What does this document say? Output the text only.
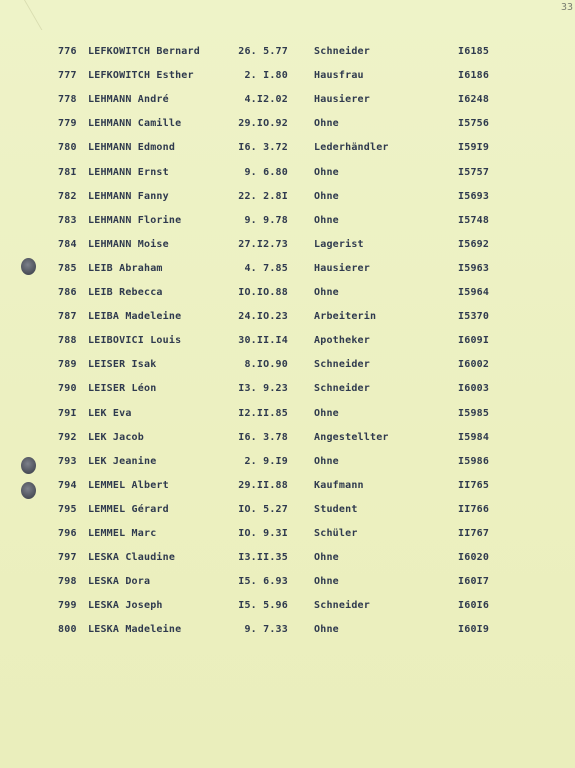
33
776 LEFKOWITCH Bernard	26. 5.77	Schneider	I6185
777 LEFKOWITCH Esther	2. I.80	Hausfrau	I6186
778 LEHMANN André	4.I2.02	Hausierer	I6248
779 LEHMANN Camille	29.IO.92	Ohne	I5756
780 LEHMANN Edmond	I6. 3.72	Lederhändler	I59I9
78I LEHMANN Ernst	9. 6.80	Ohne	I5757
782 LEHMANN Fanny	22. 2.8I	Ohne	I5693
783 LEHMANN Florine	9. 9.78	Ohne	I5748
784 LEHMANN Moise	27.I2.73	Lagerist	I5692
785 LEIB Abraham	4. 7.85	Hausierer	I5963
786 LEIB Rebecca	IO.IO.88	Ohne	I5964
787 LEIBA Madeleine	24.IO.23	Arbeiterin	I5370
788 LEIBOVICI Louis	30.II.I4	Apotheker	I609I
789 LEISER Isak	8.IO.90	Schneider	I6002
790 LEISER Léon	I3. 9.23	Schneider	I6003
79I LEK Eva	I2.II.85	Ohne	I5985
792 LEK Jacob	I6. 3.78	Angestellter	I5984
793 LEK Jeanine	2. 9.I9	Ohne	I5986
794 LEMMEL Albert	29.II.88	Kaufmann	II765
795 LEMMEL Gérard	IO. 5.27	Student	II766
796 LEMMEL Marc	IO. 9.3I	Schüler	II767
797 LESKA Claudine	I3.II.35	Ohne	I6020
798 LESKA Dora	I5. 6.93	Ohne	I60I7
799 LESKA Joseph	I5. 5.96	Schneider	I60I6
800 LESKA Madeleine	9. 7.33	Ohne	I60I9
